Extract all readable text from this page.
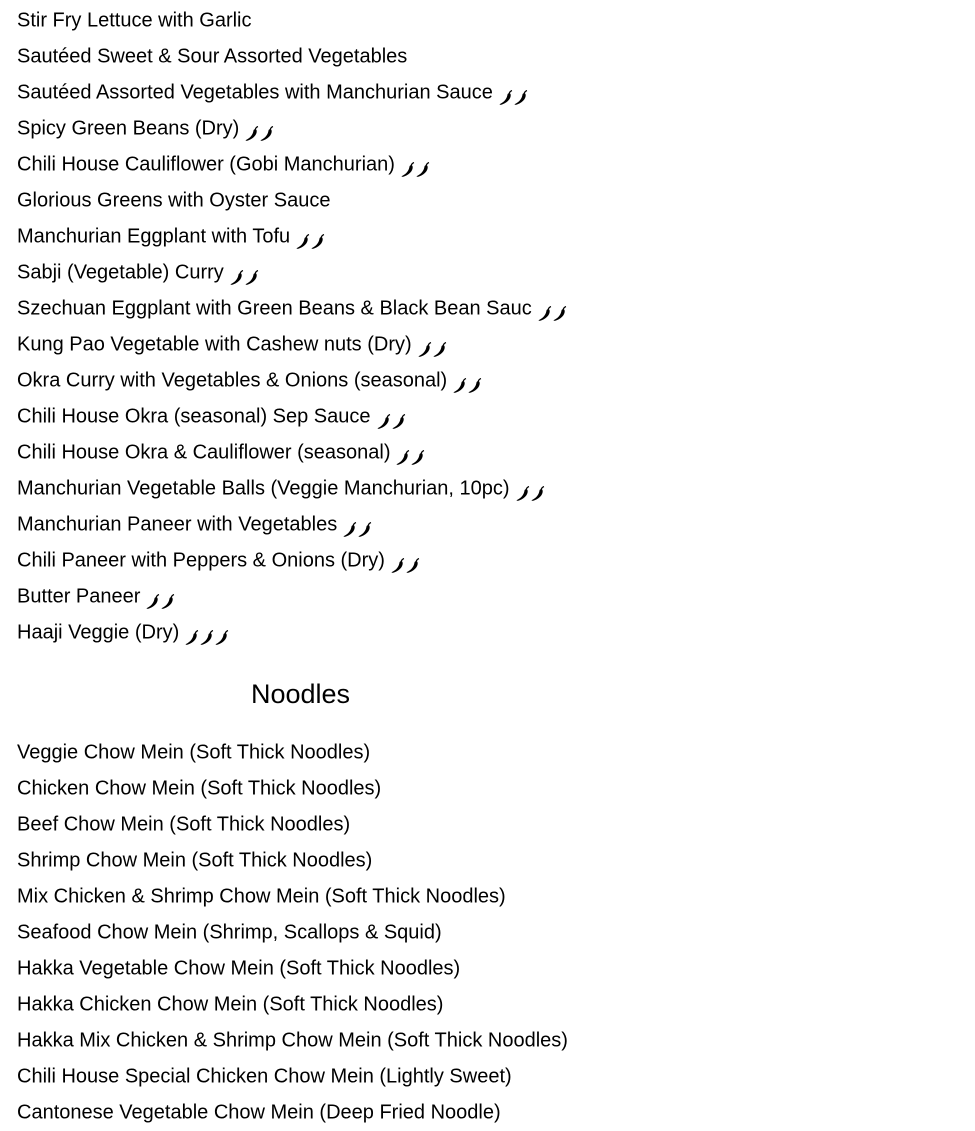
Stir Fry Lettuce with Garlic
Sautéed Sweet & Sour Assorted Vegetables
Sautéed Assorted Vegetables with Manchurian Sauce
Spicy Green Beans (Dry)
Chili House Cauliflower (Gobi Manchurian)
Glorious Greens with Oyster Sauce
Manchurian Eggplant with Tofu
Sabji (Vegetable) Curry
Szechuan Eggplant with Green Beans & Black Bean Sauc
Kung Pao Vegetable with Cashew nuts (Dry)
Okra Curry with Vegetables & Onions (seasonal)
Chili House Okra (seasonal) Sep Sauce
Chili House Okra & Cauliflower (seasonal)
Manchurian Vegetable Balls (Veggie Manchurian, 10pc)
Manchurian Paneer with Vegetables
Chili Paneer with Peppers & Onions (Dry)
Butter Paneer
Haaji Veggie (Dry)
Noodles
Veggie Chow Mein (Soft Thick Noodles)
Chicken Chow Mein (Soft Thick Noodles)
Beef Chow Mein (Soft Thick Noodles)
Shrimp Chow Mein (Soft Thick Noodles)
Mix Chicken & Shrimp Chow Mein (Soft Thick Noodles)
Seafood Chow Mein (Shrimp, Scallops & Squid)
Hakka Vegetable Chow Mein (Soft Thick Noodles)
Hakka Chicken Chow Mein (Soft Thick Noodles)
Hakka Mix Chicken & Shrimp Chow Mein (Soft Thick Noodles)
Chili House Special Chicken Chow Mein (Lightly Sweet)
Cantonese Vegetable Chow Mein (Deep Fried Noodle)
